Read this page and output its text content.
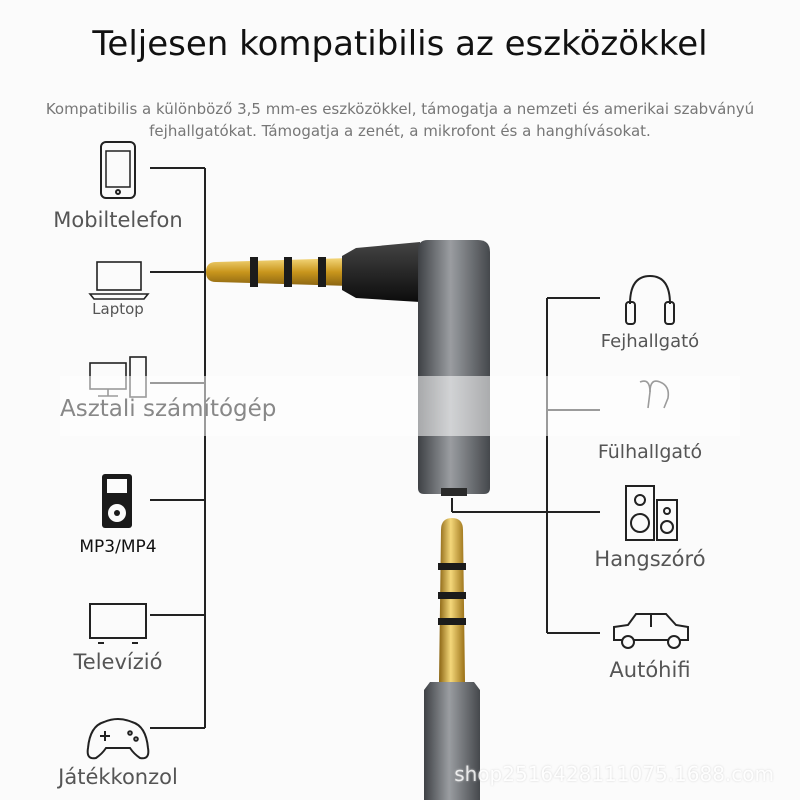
Teljesen kompatibilis az eszközökkel
Kompatibilis a különböző 3,5 mm-es eszközökkel, támogatja a nemzeti és amerikai szabványú fejhallgatókat. Támogatja a zenét, a mikrofont és a hanghívásokat.
Mobiltelefon
Laptop
Asztali számítógép
MP3/MP4
Televízió
Játékkonzol
Fejhallgató
Fülhallgató
Hangszóró
Autóhifi
shop2516428111075.1688.com
